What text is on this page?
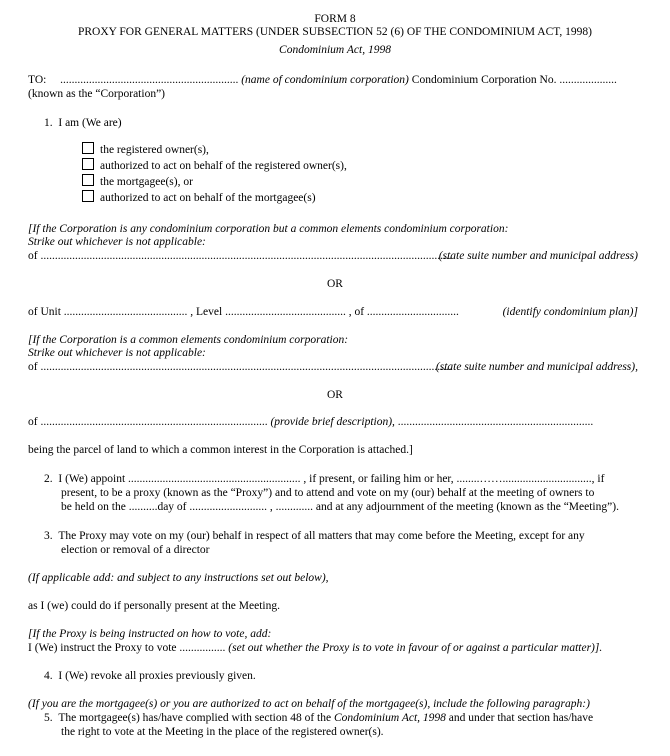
FORM 8
PROXY FOR GENERAL MATTERS (UNDER SUBSECTION 52 (6) OF THE CONDOMINIUM ACT, 1998)
Condominium Act, 1998
TO: .............................................................. (name of condominium corporation) Condominium Corporation No. ....................
(known as the “Corporation”)
1.  I am (We are)
the registered owner(s),
authorized to act on behalf of the registered owner(s),
the mortgagee(s), or
authorized to act on behalf of the mortgagee(s)
[If the Corporation is any condominium corporation but a common elements condominium corporation:
Strike out whichever is not applicable:
of ...............................................................................................................................................
(state suite number and municipal address)
OR
of Unit ........................................... , Level .......................................... , of ................................	(identify condominium plan)]
[If the Corporation is a common elements condominium corporation:
Strike out whichever is not applicable:
of ...............................................................................................................................................
(state suite number and municipal address),
OR
of ............................................................................... (provide brief description), ....................................................................
being the parcel of land to which a common interest in the Corporation is attached.]
2.  I (We) appoint ............................................................ , if present, or failing him or her, ........……..............................., if
present, to be a proxy (known as the “Proxy”) and to attend and vote on my (our) behalf at the meeting of owners to
be held on the ..........day of ........................... , ............. and at any adjournment of the meeting (known as the “Meeting”).
3.  The Proxy may vote on my (our) behalf in respect of all matters that may come before the Meeting, except for any
election or removal of a director
(If applicable add: and subject to any instructions set out below),
as I (we) could do if personally present at the Meeting.
[If the Proxy is being instructed on how to vote, add:
I (We) instruct the Proxy to vote ................ (set out whether the Proxy is to vote in favour of or against a particular matter)].
4.  I (We) revoke all proxies previously given.
(If you are the mortgagee(s) or you are authorized to act on behalf of the mortgagee(s), include the following paragraph:)
5.  The mortgagee(s) has/have complied with section 48 of the Condominium Act, 1998 and under that section has/have
the right to vote at the Meeting in the place of the registered owner(s).
